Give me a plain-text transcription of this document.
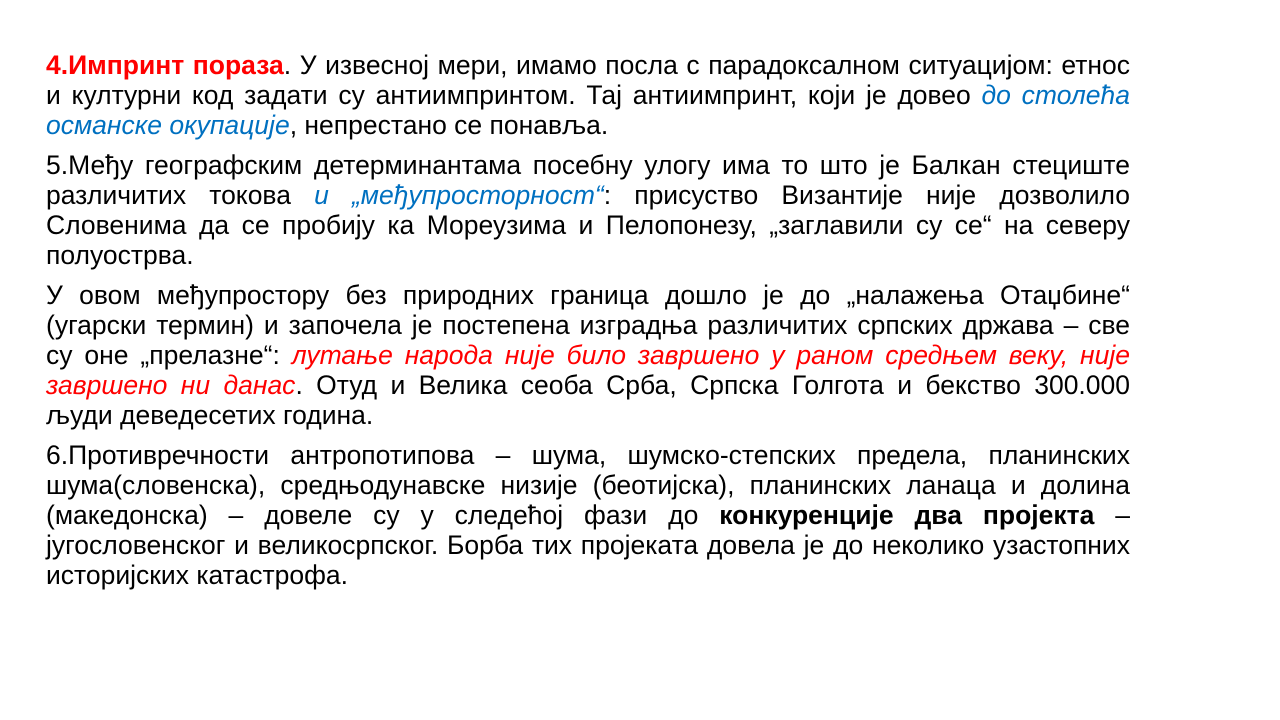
4.Импринт пораза. У извесној мери, имамо посла с парадоксалном ситуацијом: етнос и културни код задати су антиимпринтом. Тај антиимпринт, који је довео до столећа османске окупације, непрестано се понавља.

5.Међу географским детерминантама посебну улогу има то што је Балкан стециште различитих токова и „међупросторност“: присуство Византије није дозволило Словенима да се пробију ка Мореузима и Пелопонезу, „заглавили су се“ на северу полуострва.

У овом међупростору без природних граница дошло је до „налажења Отаџбине“ (угарски термин) и започела је постепена изградња различитих српских држава – све су оне „прелазне“: лутање народа није било завршено у раном средњем веку, није завршено ни данас. Отуд и Велика сеоба Срба, Српска Голгота и бекство 300.000 људи деведесетих година.

6.Противречности антропотипова – шума, шумско-степских предела, планинских шума(словенска), средњодунавске низије (беотијска), планинских ланаца и долина (македонска) – довеле су у следећој фази до конкуренције два пројекта – југословенског и великосрпског. Борба тих пројеката довела је до неколико узастопних историјских катастрофа.
